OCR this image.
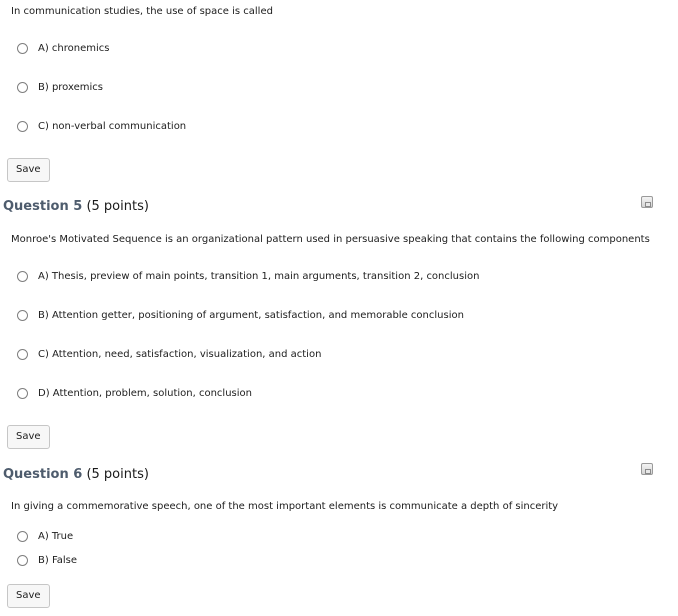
In communication studies, the use of space is called
A) chronemics
B) proxemics
C) non-verbal communication
Save
Question 5 (5 points)
Monroe's Motivated Sequence is an organizational pattern used in persuasive speaking that contains the following components
A) Thesis, preview of main points, transition 1, main arguments, transition 2, conclusion
B) Attention getter, positioning of argument, satisfaction, and memorable conclusion
C) Attention, need, satisfaction, visualization, and action
D) Attention, problem, solution, conclusion
Save
Question 6 (5 points)
In giving a commemorative speech, one of the most important elements is communicate a depth of sincerity
A) True
B) False
Save
